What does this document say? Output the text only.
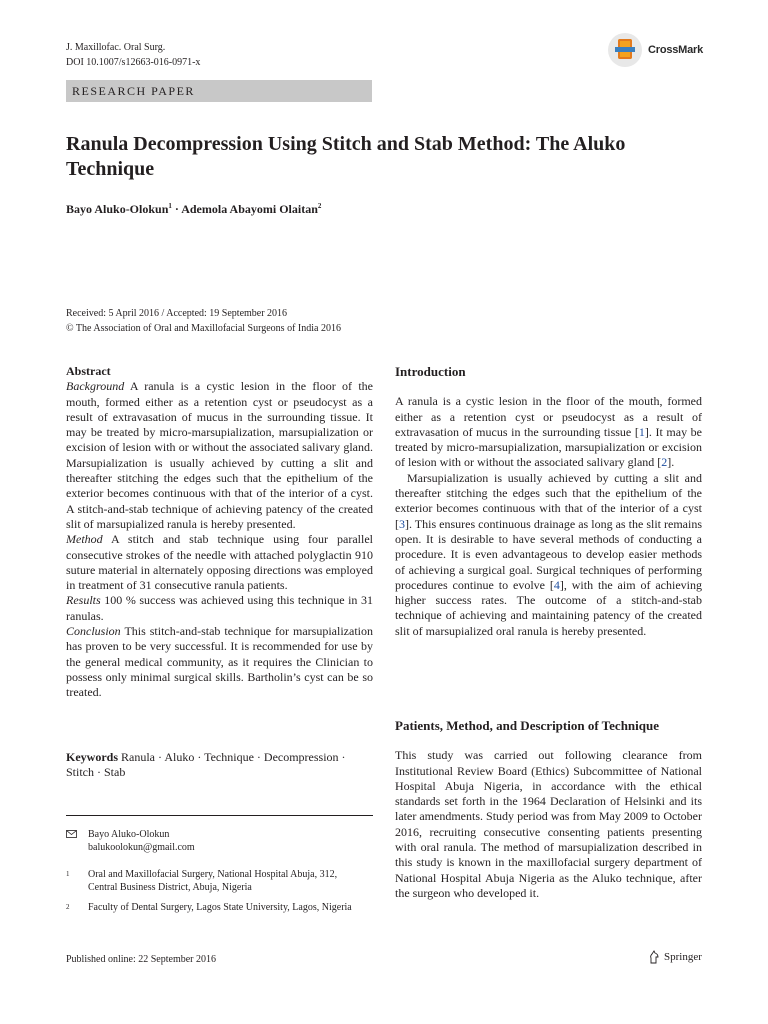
J. Maxillofac. Oral Surg.
DOI 10.1007/s12663-016-0971-x
CrossMark
RESEARCH PAPER
Ranula Decompression Using Stitch and Stab Method: The Aluko Technique
Bayo Aluko-Olokun$^1$ · Ademola Abayomi Olaitan$^2$
Received: 5 April 2016 / Accepted: 19 September 2016
© The Association of Oral and Maxillofacial Surgeons of India 2016
Abstract
Background A ranula is a cystic lesion in the floor of the mouth, formed either as a retention cyst or pseudocyst as a result of extravasation of mucus in the surrounding tissue. It may be treated by micro-marsupialization, marsupialization or excision of lesion with or without the associated salivary gland. Marsupialization is usually achieved by cutting a slit and thereafter stitching the edges such that the epithelium of the exterior becomes continuous with that of the interior of a cyst. A stitch-and-stab technique of achieving patency of the created slit of marsupialized ranula is hereby presented.
Method A stitch and stab technique using four parallel consecutive strokes of the needle with attached polyglactin 910 suture material in alternately opposing directions was employed in treatment of 31 consecutive ranula patients.
Results 100 % success was achieved using this technique in 31 ranulas.
Conclusion This stitch-and-stab technique for marsupialization has proven to be very successful. It is recommended for use by the general medical community, as it requires the Clinician to possess only minimal surgical skills. Bartholin’s cyst can be so treated.
Keywords Ranula · Aluko · Technique · Decompression · Stitch · Stab
Bayo Aluko-Olokun
balukoolokun@gmail.com
1 Oral and Maxillofacial Surgery, National Hospital Abuja, 312, Central Business District, Abuja, Nigeria
2 Faculty of Dental Surgery, Lagos State University, Lagos, Nigeria
Introduction
A ranula is a cystic lesion in the floor of the mouth, formed either as a retention cyst or pseudocyst as a result of extravasation of mucus in the surrounding tissue [1]. It may be treated by micro-marsupialization, marsupialization or excision of lesion with or without the associated salivary gland [2].
Marsupialization is usually achieved by cutting a slit and thereafter stitching the edges such that the epithelium of the exterior becomes continuous with that of the interior of a cyst [3]. This ensures continuous drainage as long as the slit remains open. It is desirable to have several methods of conducting a procedure. It is even advantageous to develop easier methods of achieving a surgical goal. Surgical techniques of performing procedures continue to evolve [4], with the aim of achieving higher success rates. The outcome of a stitch-and-stab technique of achieving and maintaining patency of the created slit of marsupialized oral ranula is hereby presented.
Patients, Method, and Description of Technique
This study was carried out following clearance from Institutional Review Board (Ethics) Subcommittee of National Hospital Abuja Nigeria, in accordance with the ethical standards set forth in the 1964 Declaration of Helsinki and its later amendments. Study period was from May 2009 to October 2016, recruiting consecutive consenting patients presenting with oral ranula. The method of marsupialization described in this study is known in the maxillofacial surgery department of National Hospital Abuja Nigeria as the Aluko technique, after the surgeon who developed it.
Published online: 22 September 2016	Springer
